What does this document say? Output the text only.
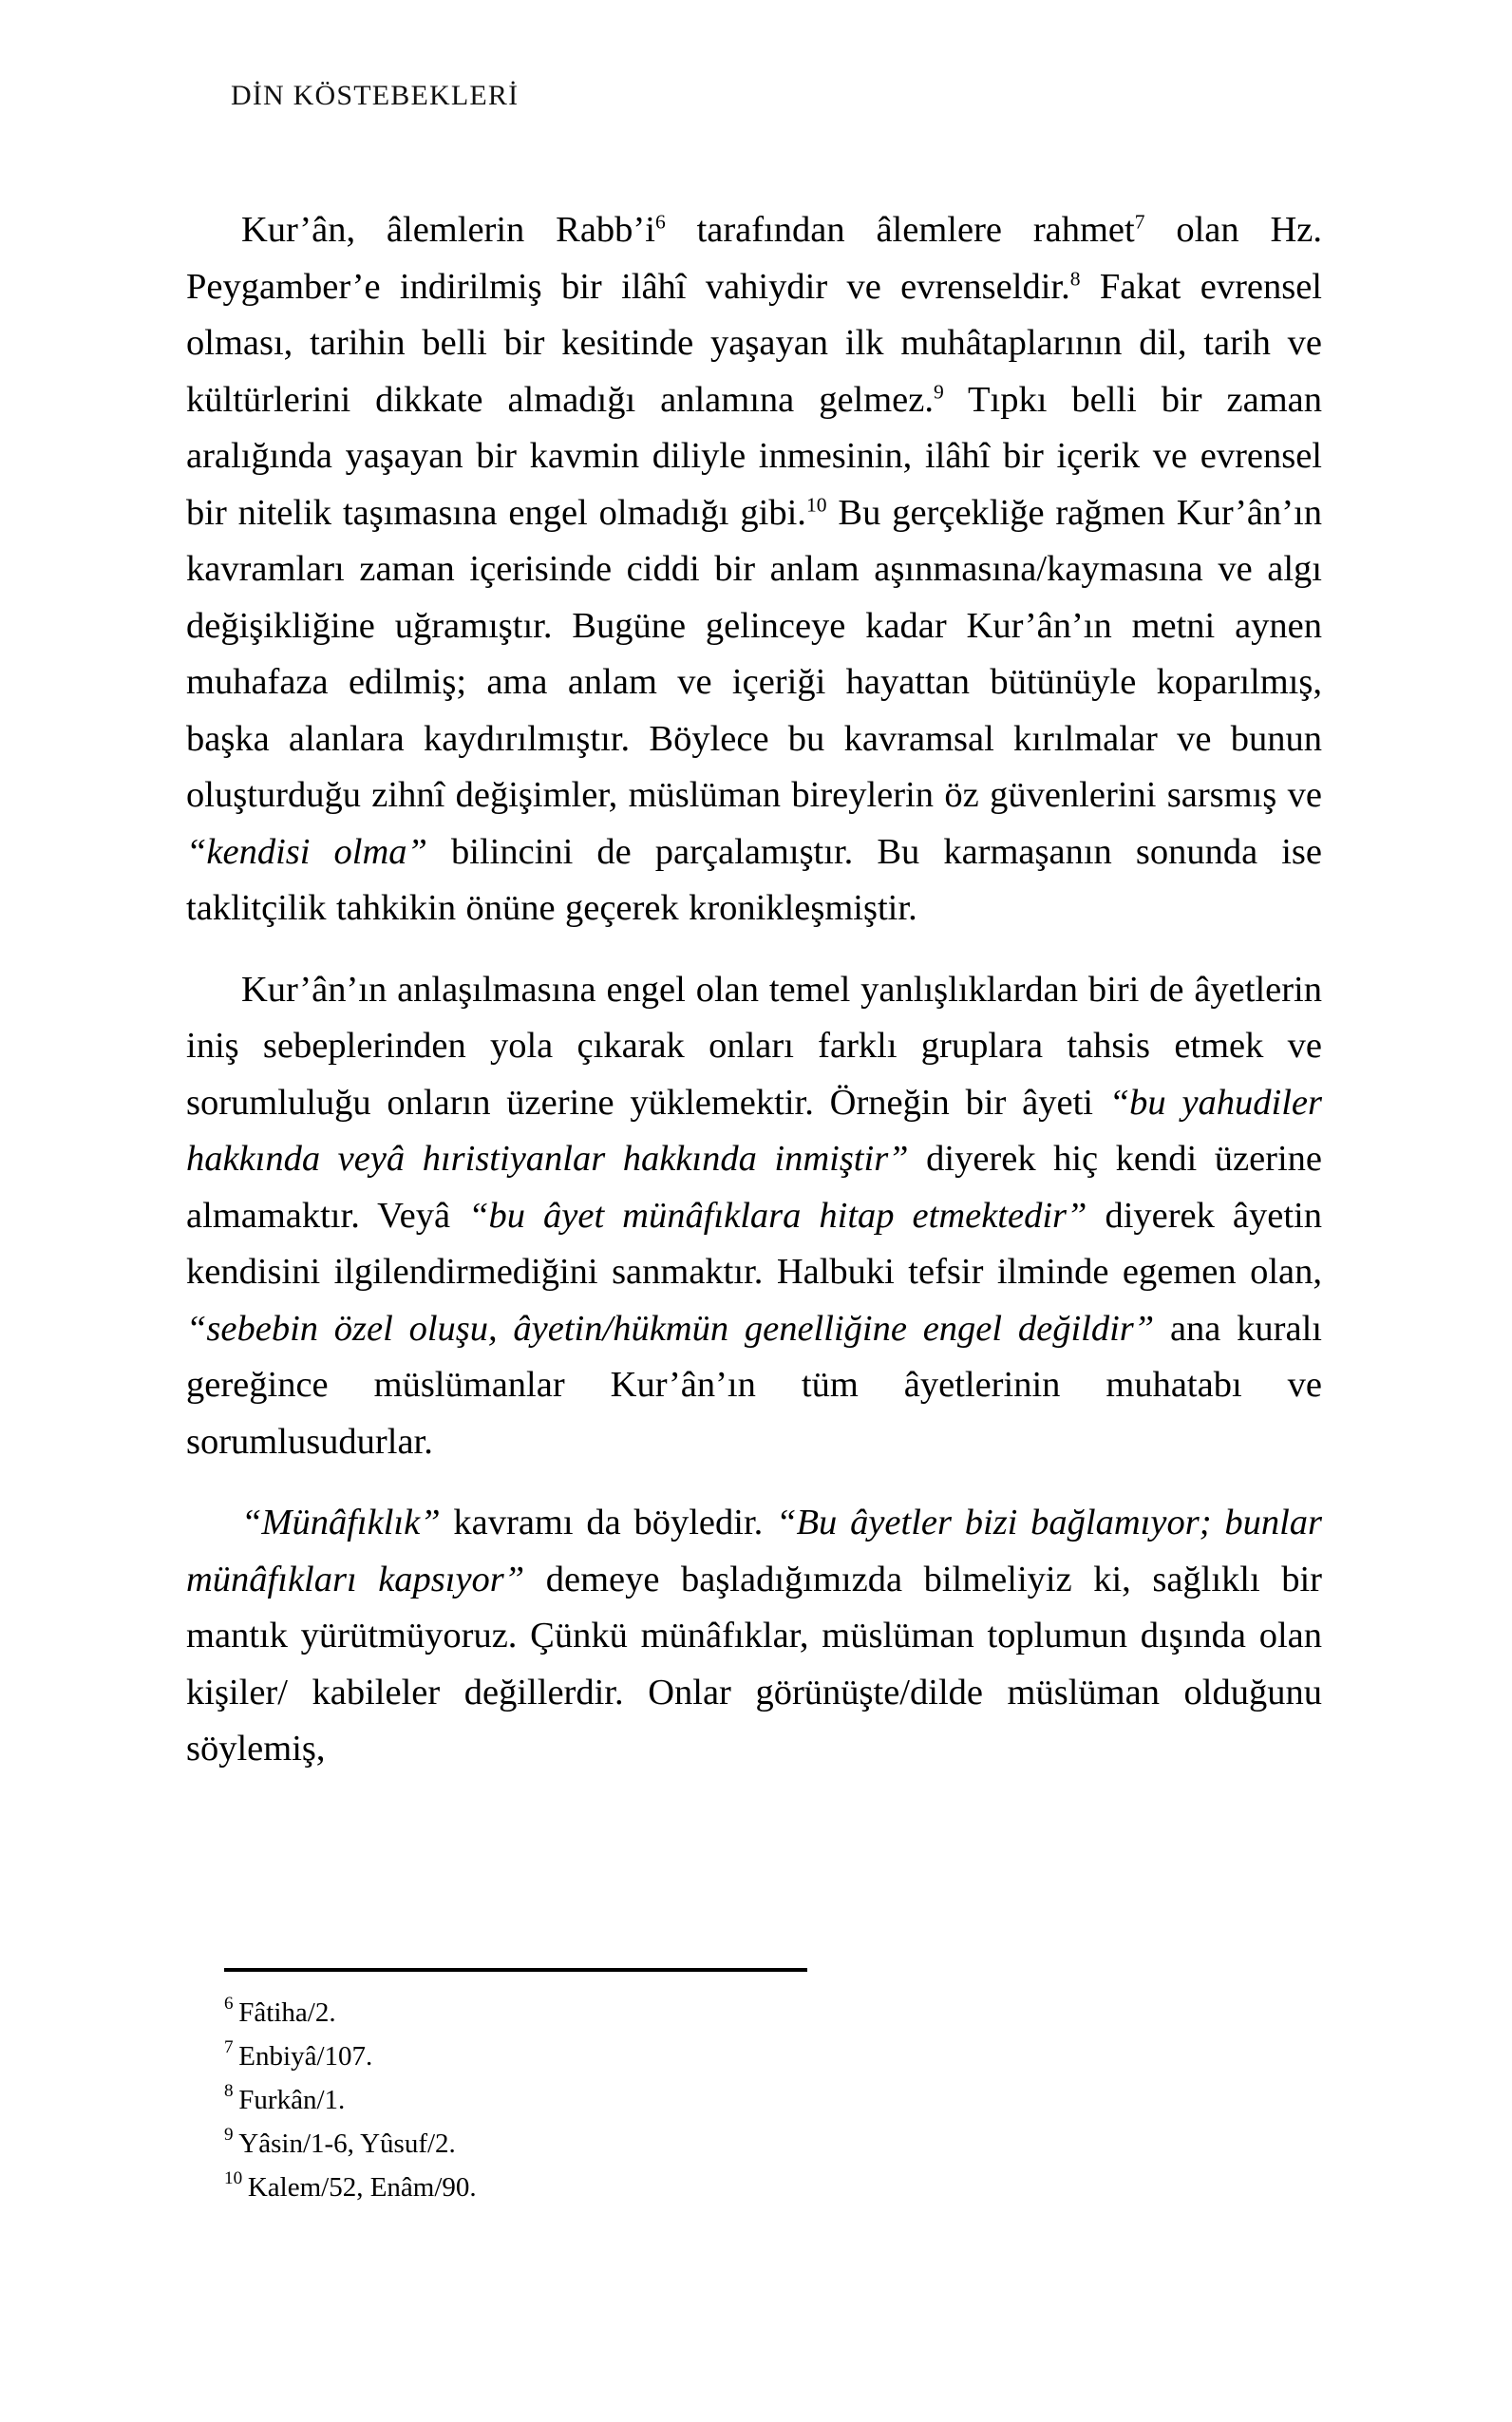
DİN KÖSTEBEKLERİ

Kur’ân, âlemlerin Rabb’i$^6$ tarafından âlemlere rahmet$^7$ olan Hz. Peygamber’e indirilmiş bir ilâhî vahiydir ve evrenseldir.$^8$ Fakat evrensel olması, tarihin belli bir kesitinde yaşayan ilk muhâtaplarının dil, tarih ve kültürlerini dikkate almadığı anlamına gelmez.$^9$ Tıpkı belli bir zaman aralığında yaşayan bir kavmin diliyle inmesinin, ilâhî bir içerik ve evrensel bir nitelik taşımasına engel olmadığı gibi.$^{10}$ Bu gerçekliğe rağmen Kur’ân’ın kavramları zaman içerisinde ciddi bir anlam aşınmasına/kaymasına ve algı değişikliğine uğramıştır. Bugüne gelinceye kadar Kur’ân’ın metni aynen muhafaza edilmiş; ama anlam ve içeriği hayattan bütünüyle koparılmış, başka alanlara kaydırılmıştır. Böylece bu kavramsal kırılmalar ve bunun oluşturduğu zihnî değişimler, müslüman bireylerin öz güvenlerini sarsmış ve “kendisi olma” bilincini de parçalamıştır. Bu karmaşanın sonunda ise taklitçilik tahkikin önüne geçerek kronikleşmiştir.

Kur’ân’ın anlaşılmasına engel olan temel yanlışlıklardan biri de âyetlerin iniş sebeplerinden yola çıkarak onları farklı gruplara tahsis etmek ve sorumluluğu onların üzerine yüklemektir. Örneğin bir âyeti “bu yahudiler hakkında veyâ hıristiyanlar hakkında inmiştir” diyerek hiç kendi üzerine almamaktır. Veyâ “bu âyet münâfıklara hitap etmektedir” diyerek âyetin kendisini ilgilendirmediğini sanmaktır. Halbuki tefsir ilminde egemen olan, “sebebin özel oluşu, âyetin/hükmün genelliğine engel değildir” ana kuralı gereğince müslümanlar Kur’ân’ın tüm âyetlerinin muhatabı ve sorumlusudurlar.

“Münâfıklık” kavramı da böyledir. “Bu âyetler bizi bağlamıyor; bunlar münâfıkları kapsıyor” demeye başladığımızda bilmeliyiz ki, sağlıklı bir mantık yürütmüyoruz. Çünkü münâfıklar, müslüman toplumun dışında olan kişiler/ kabileler değillerdir. Onlar görünüşte/dilde müslüman olduğunu söylemiş,

$^6$ Fâtiha/2.

$^7$ Enbiyâ/107.

$^8$ Furkân/1.

$^9$ Yâsin/1-6, Yûsuf/2.

$^{10}$ Kalem/52, Enâm/90.
